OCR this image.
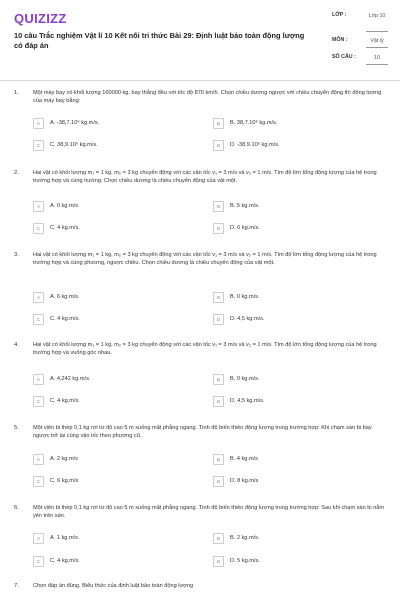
QUIZIZZ
10 câu Trắc nghiệm Vật lí 10 Kết nối tri thức Bài 29: Định luật bảo toàn động lượng có đáp án
LỚP :	Lớp 10
MÔN :	Vật lý
SỐ CÂU :	10
1.	Một máy bay có khối lượng 160000 kg, bay thẳng đều với tốc độ 870 km/h. Chọn chiều dương ngược với chiều chuyển động thì động lượng của máy bay bằng:
A	A. -38,7.10⁶ kg.m/s.	B	B. 38,7.10⁶ kg.m/s.
C	C. 38,9.10⁶ kg.m/s.	D	D. -38,9.10⁶ kg.m/s.
2.	Hai vật có khối lượng m₁ = 1 kg, m₂ = 3 kg chuyển động với các vận tốc v₁ = 3 m/s và v₂ = 1 m/s. Tìm độ lớn tổng động lượng của hệ trong trường hợp và cùng hướng. Chọn chiều dương là chiều chuyển động của vật một.
A	A. 0 kg.m/s.	B	B. 5 kg.m/s.
C	C. 4 kg.m/s.	D	D. 6 kg.m/s.
3.	Hai vật có khối lượng m₁ = 1 kg, m₂ = 3 kg chuyển động với các vận tốc v₁ = 3 m/s và v₂ = 1 m/s. Tìm độ lớn tổng động lượng của hệ trong trường hợp và cùng phương, ngược chiều. Chọn chiều dương là chiều chuyển động của vật một.
A	A. 6 kg.m/s.	B	B. 0 kg.m/s.
C	C. 4 kg.m/s.	D	D. 4,5 kg.m/s.
4.	Hai vật có khối lượng m₁ = 1 kg, m₂ = 3 kg chuyển động với các vận tốc v₁ = 3 m/s và v₂ = 1 m/s. Tìm độ lớn tổng động lượng của hệ trong trường hợp và vuông góc nhau.
A	A. 4,242 kg.m/s.	B	B. 0 kg.m/s.
C	C. 4 kg.m/s.	D	D. 4,5 kg.m/s.
5.	Một viên bi thép 0,1 kg rơi từ độ cao 5 m xuống mặt phẳng ngang. Tính độ biến thiên động lượng trong trường hợp: Khi chạm sàn bi bay ngược trở lại cùng vận tốc theo phương cũ.
A	A. 2 kg.m/s	B	B. 4 kg.m/s
C	C. 6 kg.m/s	D	D. 8 kg.m/s
6.	Một viên bi thép 0,1 kg rơi từ độ cao 5 m xuống mặt phẳng ngang. Tính độ biến thiên động lượng trong trường hợp: Sau khi chạm sàn bi nằm yên trên sàn.
A	A. 1 kg.m/s.	B	B. 2 kg.m/s.
C	C. 4 kg.m/s.	D	D. 5 kg.m/s.
7.	Chọn đáp án đúng. Biểu thức của định luật bảo toàn động lượng
